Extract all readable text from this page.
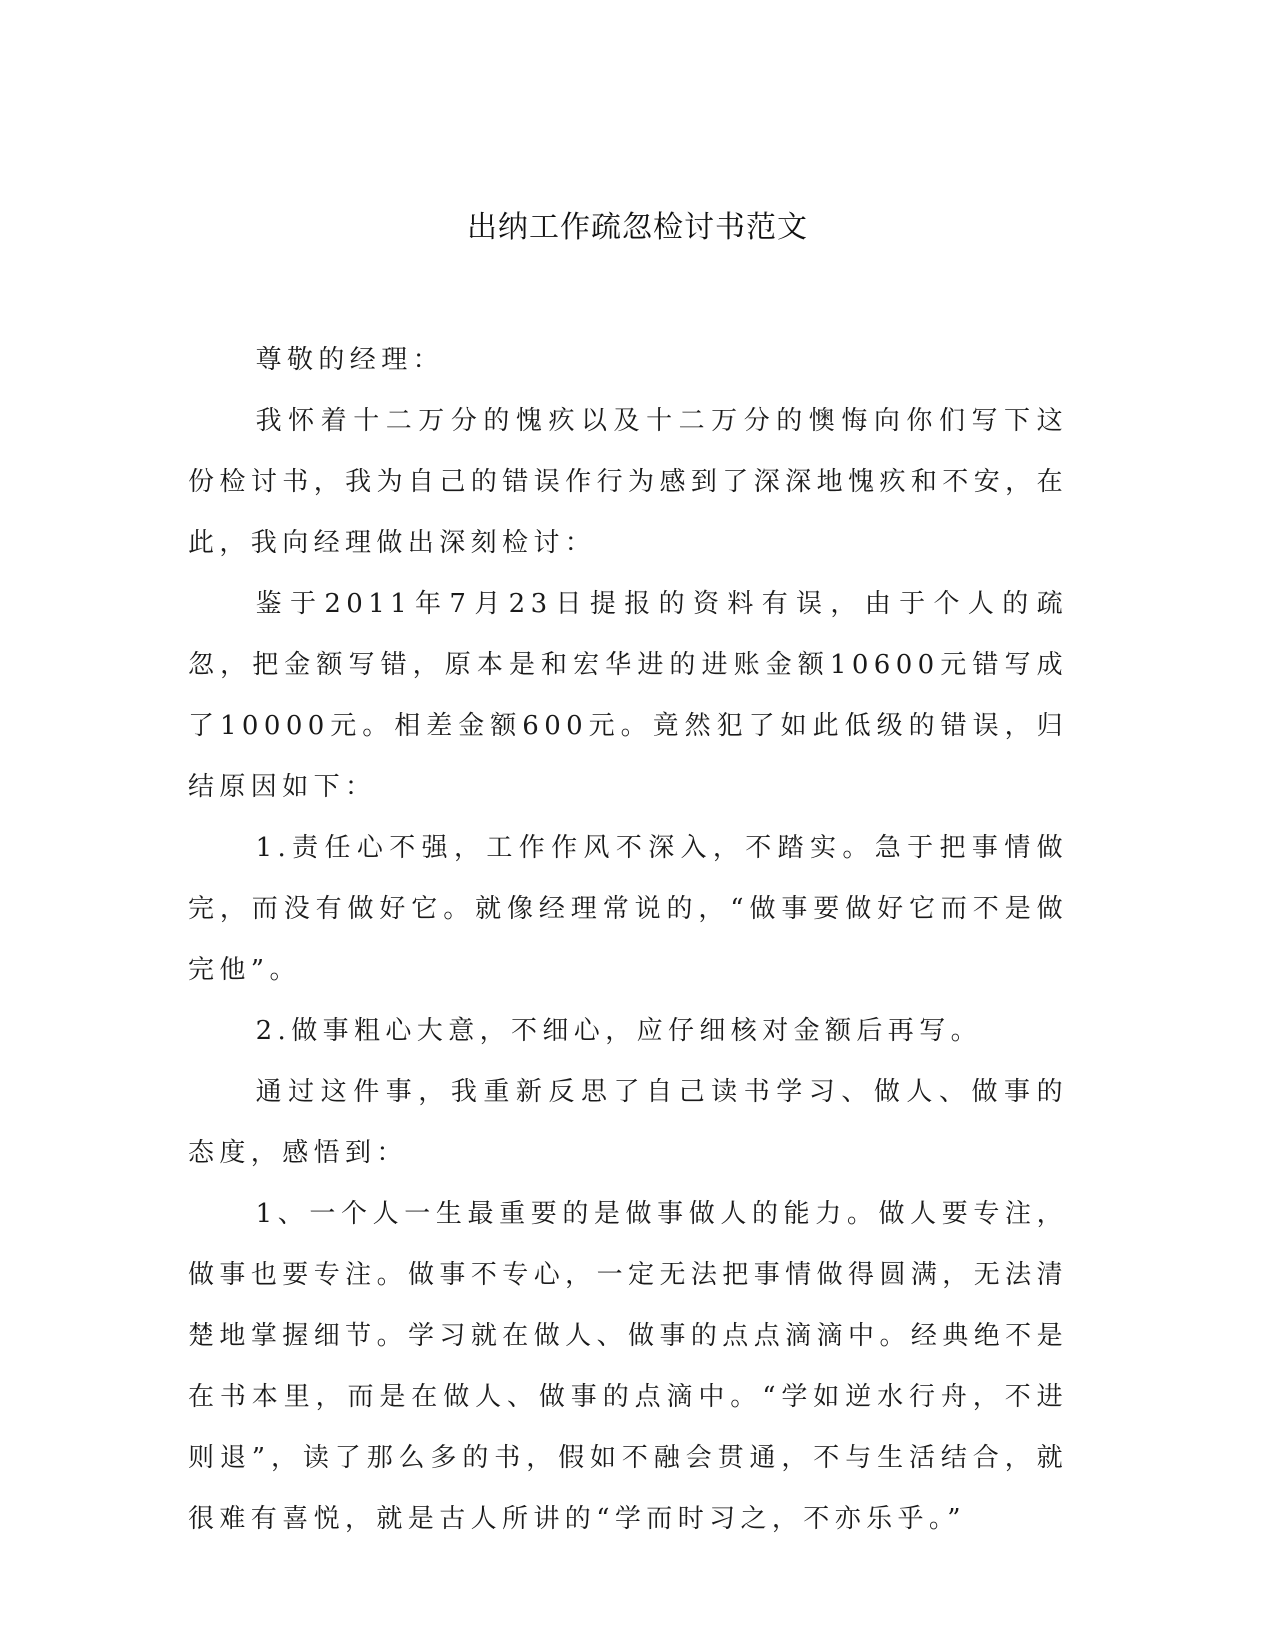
出纳工作疏忽检讨书范文

尊敬的经理：

我怀着十二万分的愧疚以及十二万分的懊悔向你们写下这份检讨书，我为自己的错误作行为感到了深深地愧疚和不安，在此，我向经理做出深刻检讨：

鉴于2011年7月23日提报的资料有误，由于个人的疏忽，把金额写错，原本是和宏华进的进账金额10600元错写成了10000元。相差金额600元。竟然犯了如此低级的错误，归结原因如下：

1.责任心不强，工作作风不深入，不踏实。急于把事情做完，而没有做好它。就像经理常说的，“做事要做好它而不是做完他”。

2.做事粗心大意，不细心，应仔细核对金额后再写。

通过这件事，我重新反思了自己读书学习、做人、做事的态度，感悟到：

1、一个人一生最重要的是做事做人的能力。做人要专注，做事也要专注。做事不专心，一定无法把事情做得圆满，无法清楚地掌握细节。学习就在做人、做事的点点滴滴中。经典绝不是在书本里，而是在做人、做事的点滴中。“学如逆水行舟，不进则退”，读了那么多的书，假如不融会贯通，不与生活结合，就很难有喜悦，就是古人所讲的“学而时习之，不亦乐乎。”
